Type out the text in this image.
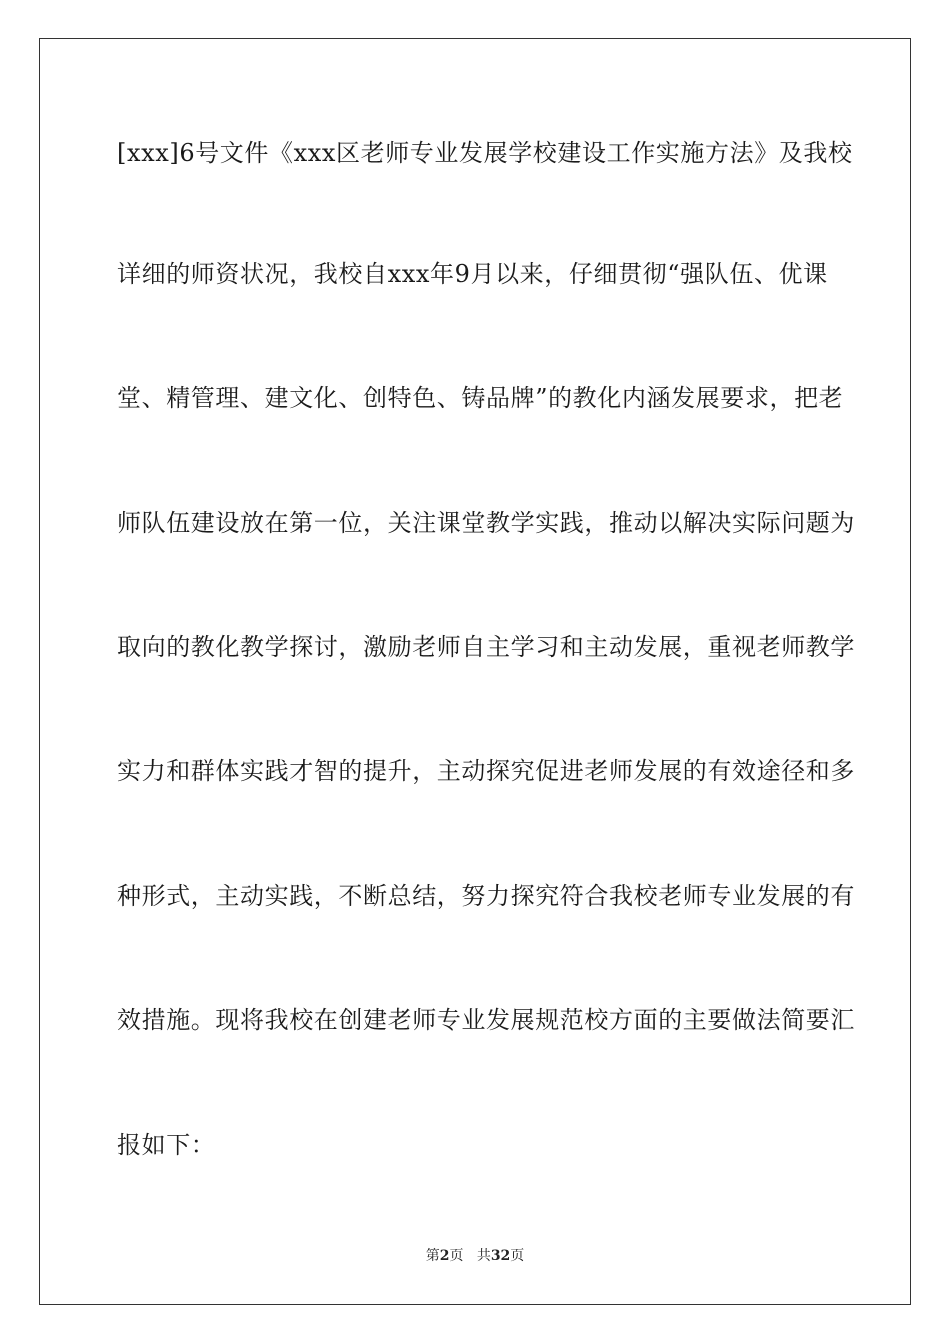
[xxx]6号文件《xxx区老师专业发展学校建设工作实施方法》及我校

详细的师资状况，我校自xxx年9月以来，仔细贯彻“强队伍、优课

堂、精管理、建文化、创特色、铸品牌”的教化内涵发展要求，把老

师队伍建设放在第一位，关注课堂教学实践，推动以解决实际问题为

取向的教化教学探讨，激励老师自主学习和主动发展，重视老师教学

实力和群体实践才智的提升，主动探究促进老师发展的有效途径和多

种形式，主动实践，不断总结，努力探究符合我校老师专业发展的有

效措施。现将我校在创建老师专业发展规范校方面的主要做法简要汇

报如下：

第2页 共32页
